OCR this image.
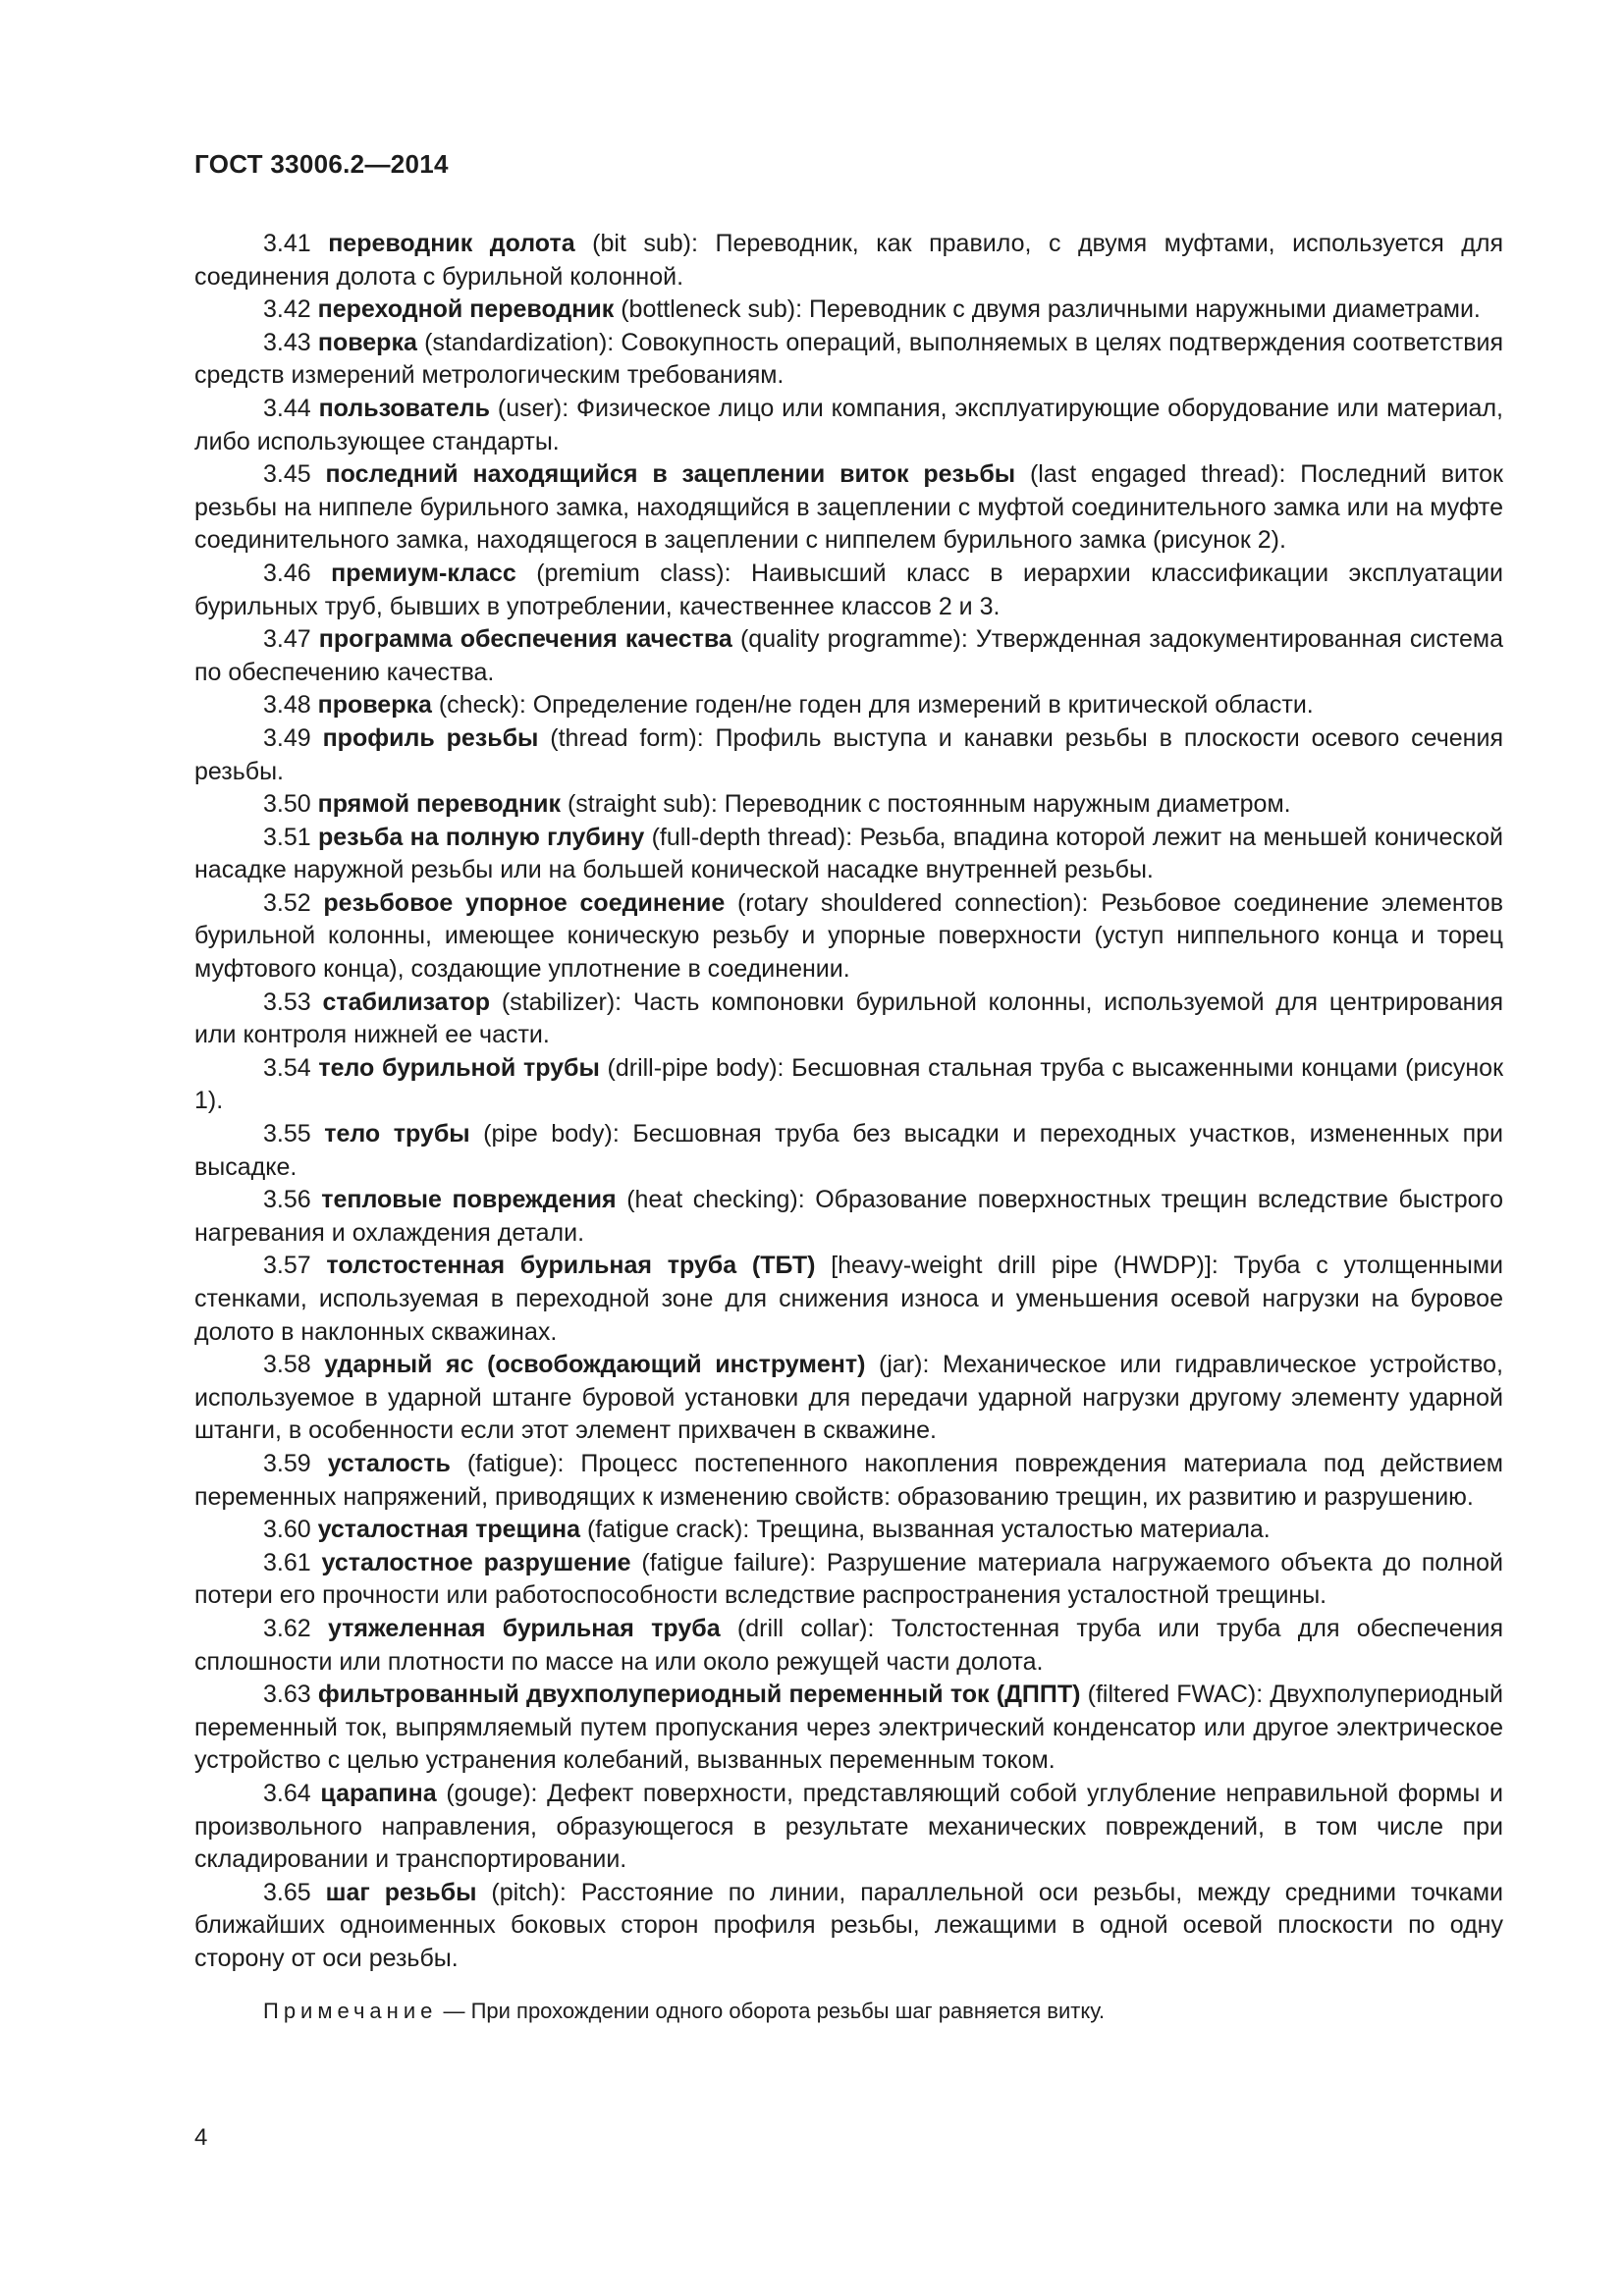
ГОСТ 33006.2—2014

3.41 переводник долота (bit sub): Переводник, как правило, с двумя муфтами, используется для соединения долота с бурильной колонной.

3.42 переходной переводник (bottleneck sub): Переводник с двумя различными наружными диаметрами.

3.43 поверка (standardization): Совокупность операций, выполняемых в целях подтверждения соответствия средств измерений метрологическим требованиям.

3.44 пользователь (user): Физическое лицо или компания, эксплуатирующие оборудование или материал, либо использующее стандарты.

3.45 последний находящийся в зацеплении виток резьбы (last engaged thread): Последний виток резьбы на ниппеле бурильного замка, находящийся в зацеплении с муфтой соединительного замка или на муфте соединительного замка, находящегося в зацеплении с ниппелем бурильного замка (рисунок 2).

3.46 премиум-класс (premium class): Наивысший класс в иерархии классификации эксплуатации бурильных труб, бывших в употреблении, качественнее классов 2 и 3.

3.47 программа обеспечения качества (quality programme): Утвержденная задокументированная система по обеспечению качества.

3.48 проверка (check): Определение годен/не годен для измерений в критической области.

3.49 профиль резьбы (thread form): Профиль выступа и канавки резьбы в плоскости осевого сечения резьбы.

3.50 прямой переводник (straight sub): Переводник с постоянным наружным диаметром.

3.51 резьба на полную глубину (full-depth thread): Резьба, впадина которой лежит на меньшей конической насадке наружной резьбы или на большей конической насадке внутренней резьбы.

3.52 резьбовое упорное соединение (rotary shouldered connection): Резьбовое соединение элементов бурильной колонны, имеющее коническую резьбу и упорные поверхности (уступ ниппельного конца и торец муфтового конца), создающие уплотнение в соединении.

3.53 стабилизатор (stabilizer): Часть компоновки бурильной колонны, используемой для центрирования или контроля нижней ее части.

3.54 тело бурильной трубы (drill-pipe body): Бесшовная стальная труба с высаженными концами (рисунок 1).

3.55 тело трубы (pipe body): Бесшовная труба без высадки и переходных участков, измененных при высадке.

3.56 тепловые повреждения (heat checking): Образование поверхностных трещин вследствие быстрого нагревания и охлаждения детали.

3.57 толстостенная бурильная труба (ТБТ) [heavy-weight drill pipe (HWDP)]: Труба с утолщенными стенками, используемая в переходной зоне для снижения износа и уменьшения осевой нагрузки на буровое долото в наклонных скважинах.

3.58 ударный яс (освобождающий инструмент) (jar): Механическое или гидравлическое устройство, используемое в ударной штанге буровой установки для передачи ударной нагрузки другому элементу ударной штанги, в особенности если этот элемент прихвачен в скважине.

3.59 усталость (fatigue): Процесс постепенного накопления повреждения материала под действием переменных напряжений, приводящих к изменению свойств: образованию трещин, их развитию и разрушению.

3.60 усталостная трещина (fatigue crack): Трещина, вызванная усталостью материала.

3.61 усталостное разрушение (fatigue failure): Разрушение материала нагружаемого объекта до полной потери его прочности или работоспособности вследствие распространения усталостной трещины.

3.62 утяжеленная бурильная труба (drill collar): Толстостенная труба или труба для обеспечения сплошности или плотности по массе на или около режущей части долота.

3.63 фильтрованный двухполупериодный переменный ток (ДППТ) (filtered FWAC): Двухполупериодный переменный ток, выпрямляемый путем пропускания через электрический конденсатор или другое электрическое устройство с целью устранения колебаний, вызванных переменным током.

3.64 царапина (gouge): Дефект поверхности, представляющий собой углубление неправильной формы и произвольного направления, образующегося в результате механических повреждений, в том числе при складировании и транспортировании.

3.65 шаг резьбы (pitch): Расстояние по линии, параллельной оси резьбы, между средними точками ближайших одноименных боковых сторон профиля резьбы, лежащими в одной осевой плоскости по одну сторону от оси резьбы.

Примечание — При прохождении одного оборота резьбы шаг равняется витку.

4
